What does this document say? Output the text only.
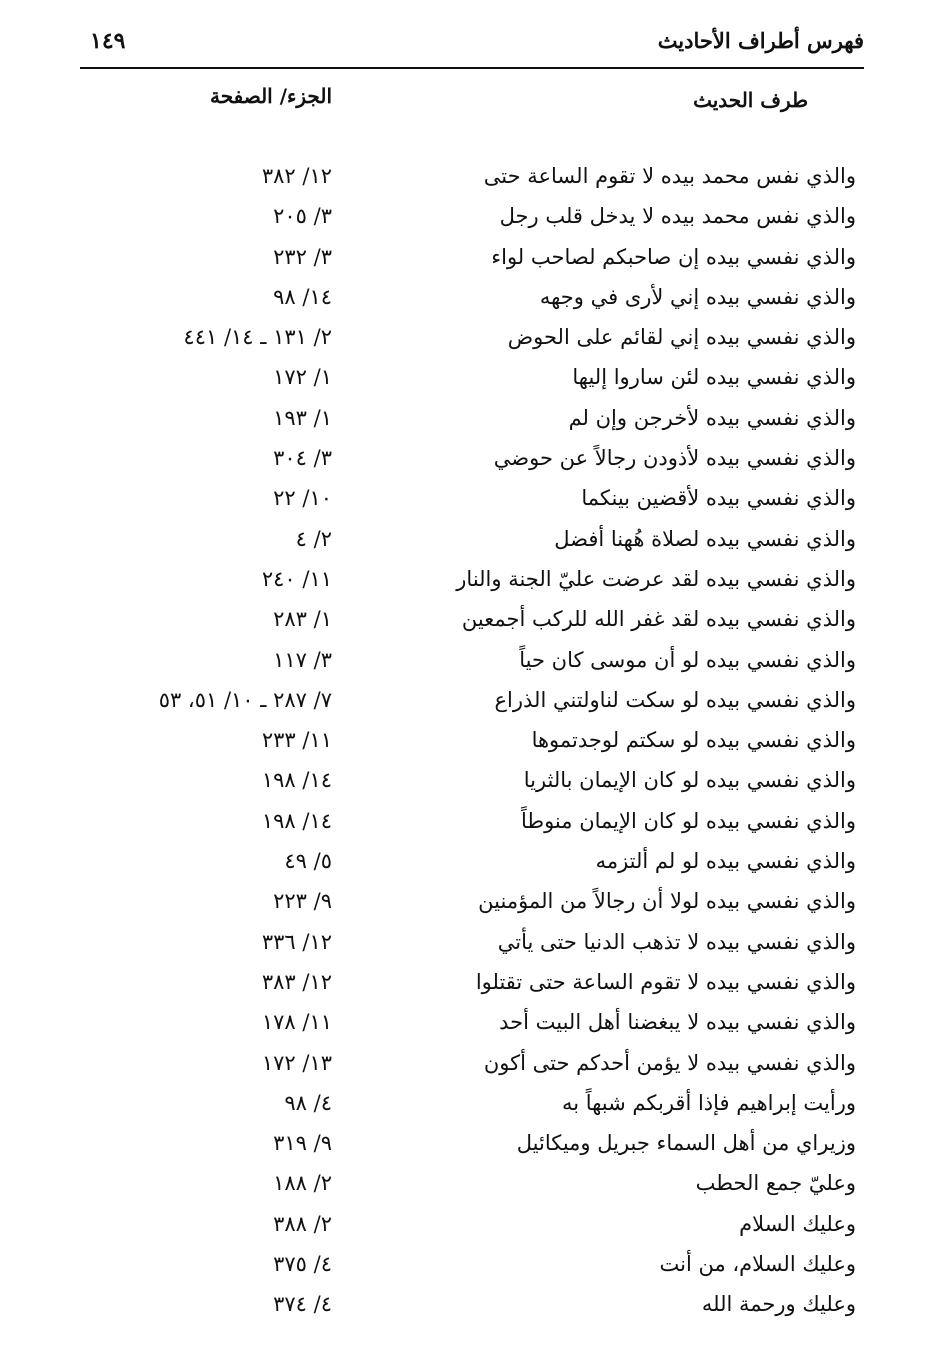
فهرس أطراف الأحاديث
١٤٩
طرف الحديث
الجزء/ الصفحة
والذي نفس محمد بيده لا تقوم الساعة حتى
١٢/ ٣٨٢
والذي نفس محمد بيده لا يدخل قلب رجل
٣/ ٢٠٥
والذي نفسي بيده إن صاحبكم لصاحب لواء
٣/ ٢٣٢
والذي نفسي بيده إني لأرى في وجهه
١٤/ ٩٨
والذي نفسي بيده إني لقائم على الحوض
٢/ ١٣١ ـ ١٤/ ٤٤١
والذي نفسي بيده لئن ساروا إليها
١/ ١٧٢
والذي نفسي بيده لأخرجن وإن لم
١/ ١٩٣
والذي نفسي بيده لأذودن رجالاً عن حوضي
٣/ ٣٠٤
والذي نفسي بيده لأقضين بينكما
١٠/ ٢٢
والذي نفسي بيده لصلاة هُهنا أفضل
٢/ ٤
والذي نفسي بيده لقد عرضت عليّ الجنة والنار
١١/ ٢٤٠
والذي نفسي بيده لقد غفر الله للركب أجمعين
١/ ٢٨٣
والذي نفسي بيده لو أن موسى كان حياً
٣/ ١١٧
والذي نفسي بيده لو سكت لناولتني الذراع
٧/ ٢٨٧ ـ ١٠/ ٥١، ٥٣
والذي نفسي بيده لو سكتم لوجدتموها
١١/ ٢٣٣
والذي نفسي بيده لو كان الإيمان بالثريا
١٤/ ١٩٨
والذي نفسي بيده لو كان الإيمان منوطاً
١٤/ ١٩٨
والذي نفسي بيده لو لم ألتزمه
٥/ ٤٩
والذي نفسي بيده لولا أن رجالاً من المؤمنين
٩/ ٢٢٣
والذي نفسي بيده لا تذهب الدنيا حتى يأتي
١٢/ ٣٣٦
والذي نفسي بيده لا تقوم الساعة حتى تقتلوا
١٢/ ٣٨٣
والذي نفسي بيده لا يبغضنا أهل البيت أحد
١١/ ١٧٨
والذي نفسي بيده لا يؤمن أحدكم حتى أكون
١٣/ ١٧٢
ورأيت إبراهيم فإذا أقربكم شبهاً به
٤/ ٩٨
وزيراي من أهل السماء جبريل وميكائيل
٩/ ٣١٩
وعليّ جمع الحطب
٢/ ١٨٨
وعليك السلام
٢/ ٣٨٨
وعليك السلام، من أنت
٤/ ٣٧٥
وعليك ورحمة الله
٤/ ٣٧٤
